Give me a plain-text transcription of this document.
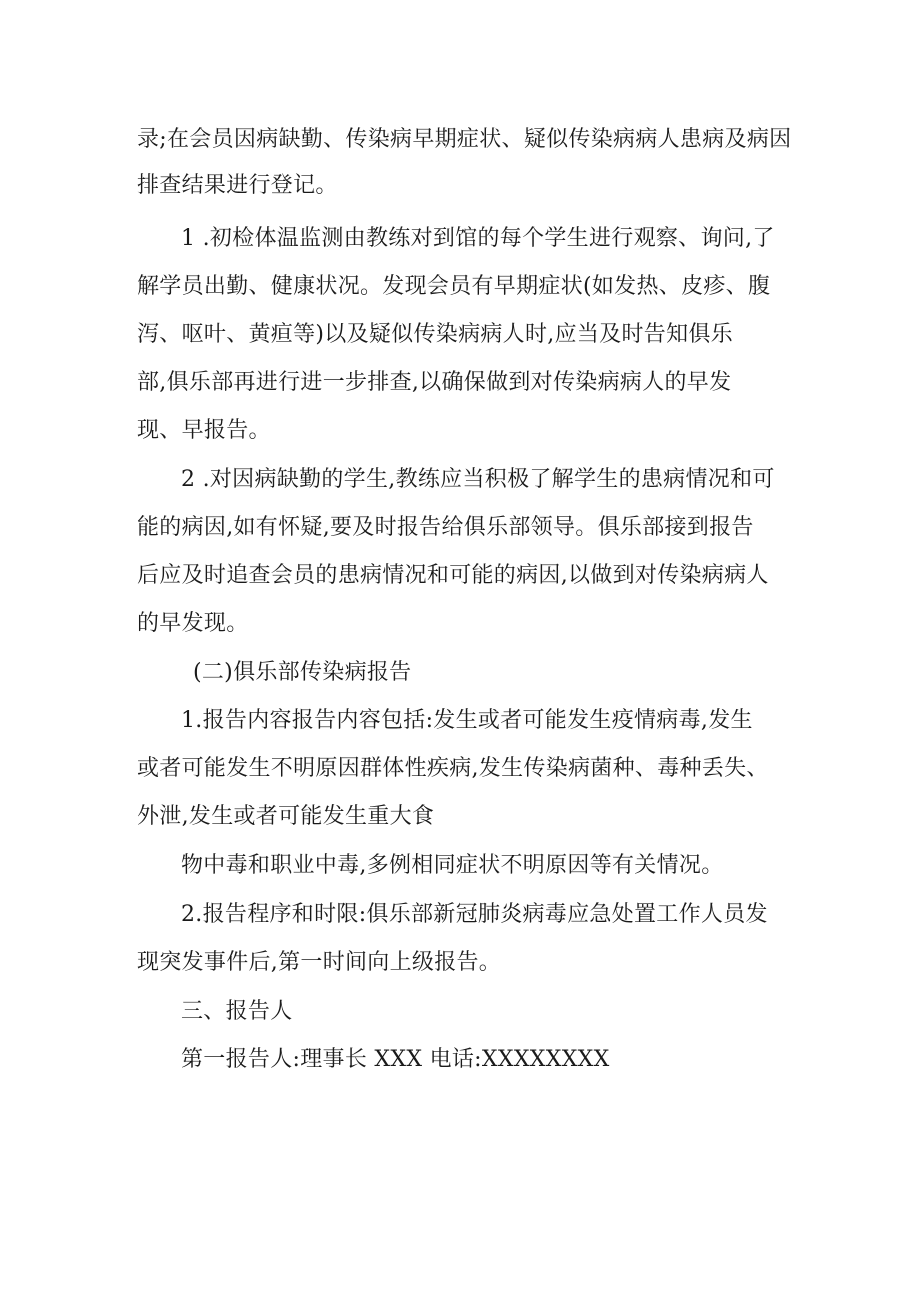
录;在会员因病缺勤、传染病早期症状、疑似传染病病人患病及病因
排查结果进行登记。
1 .初检体温监测由教练对到馆的每个学生进行观察、询问,了
解学员出勤、健康状况。发现会员有早期症状(如发热、皮疹、腹
泻、呕叶、黄疸等)以及疑似传染病病人时,应当及时告知俱乐
部,俱乐部再进行进一步排查,以确保做到对传染病病人的早发
现、早报告。
2 .对因病缺勤的学生,教练应当积极了解学生的患病情况和可
能的病因,如有怀疑,要及时报告给俱乐部领导。俱乐部接到报告
后应及时追查会员的患病情况和可能的病因,以做到对传染病病人
的早发现。
(二)俱乐部传染病报告
1.报告内容报告内容包括:发生或者可能发生疫情病毒,发生
或者可能发生不明原因群体性疾病,发生传染病菌种、毒种丢失、
外泄,发生或者可能发生重大食
物中毒和职业中毒,多例相同症状不明原因等有关情况。
2.报告程序和时限:俱乐部新冠肺炎病毒应急处置工作人员发
现突发事件后,第一时间向上级报告。
三、报告人
第一报告人:理事长 XXX 电话:XXXXXXXX
